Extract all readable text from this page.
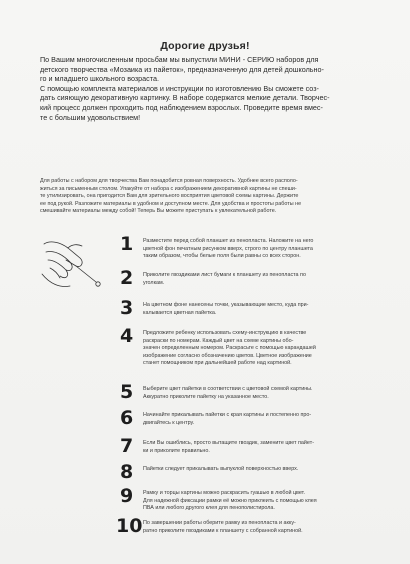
Дорогие друзья!

По Вашим многочисленным просьбам мы выпустили МИНИ - СЕРИЮ наборов для

детского творчества «Мозаика из пайеток», предназначенную для детей дошкольно-

го и младшего школьного возраста.

С помощью комплекта материалов и инструкции по изготовлению Вы сможете соз-

дать сияющую декоративную картинку. В наборе содержатся мелкие детали. Творчес-

кий процесс должен проходить под наблюдением взрослых. Проведите время вмес-

те с большим удовольствием!

Для работы с набором для творчества Вам понадобится ровная поверхность. Удобнее всего располо-

житься за письменным столом. Упакуйте от набора с изображением декоративной картины не спеши-

те утилизировать, она пригодится Вам для зрительного восприятия цветовой схемы картины. Держите

ее под рукой. Разложите материалы в удобном и доступном месте. Для удобства и простоты работы не

смешивайте материалы между собой! Теперь Вы можете приступать к увлекательной работе.

1	Разместите перед собой планшет из пенопласта. Наложите на него
цветной фон печатным рисунком вверх, строго по центру планшета
таким образом, чтобы белые поля были равны со всех сторон.
2	Приколите гвоздиками лист бумаги к планшету из пенопласта по
уголкам.
3	На цветном фоне нанесены точки, указывающие место, куда при-
калывается цветная пайетка.
4	Предложите ребенку использовать схему-инструкцию в качестве
раскраски по номерам. Каждый цвет на схеме картины обо-
значен определенным номером. Раскрасьте с помощью карандашей
изображение согласно обозначению цветов. Цветное изображение
станет помощником при дальнейшей работе над картиной.
5	Выберите цвет пайетки в соответствии с цветовой схемой картины.
Аккуратно приколите пайетку на указанное место.
6	Начинайте прикалывать пайетки с края картины и постепенно про-
двигайтесь к центру.
7	Если Вы ошиблись, просто вытащите гвоздик, замените цвет пайет-
ки и приколите правильно.
8	Пайетки следует прикалывать выпуклой поверхностью вверх.
9	Рамку и торцы картины можно раскрасить гуашью в любой цвет.
Для надежной фиксации рамки её можно приклеить с помощью клея
ПВА или любого другого клея для пенополистирола.
10 По завершении работы оберите рамку из пенопласта и акку-
ратно приколите гвоздиками к планшету с собранной картиной.
